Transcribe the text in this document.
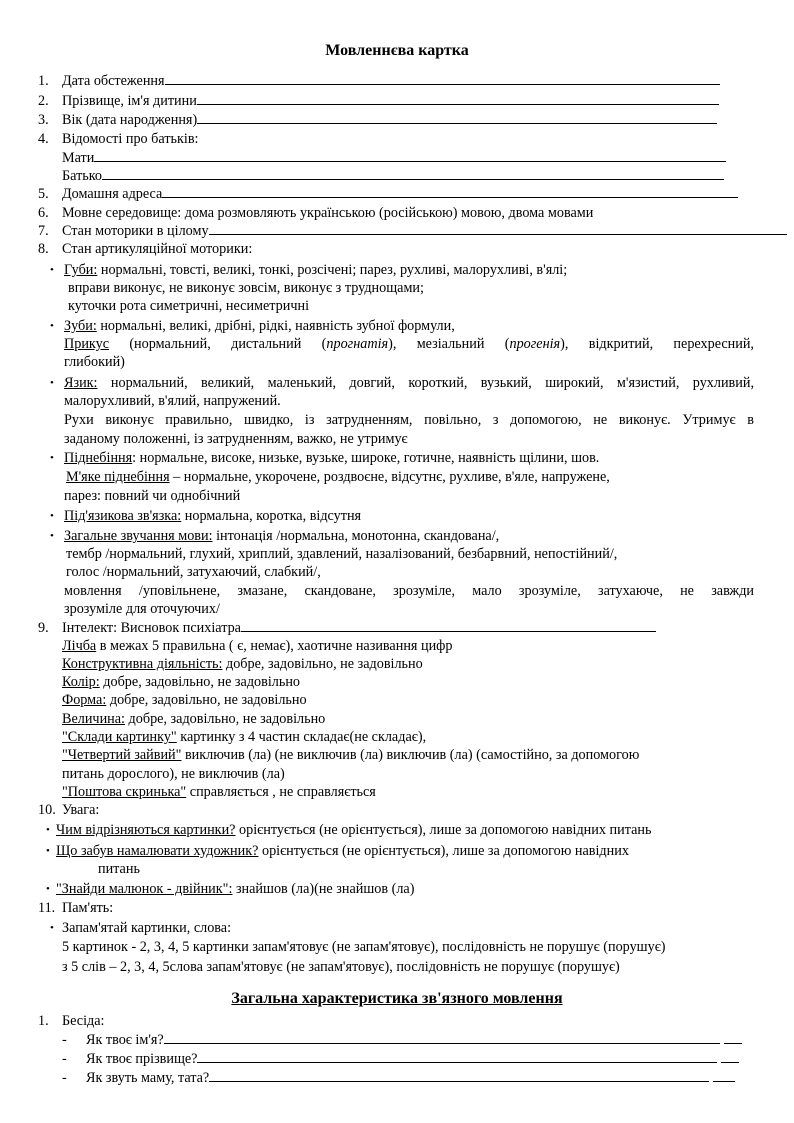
Мовленнєва картка
1. Дата обстеження
2. Прізвище, ім'я дитини
3. Вік (дата народження)
4. Відомості про батьків:
Мати
Батько
5. Домашня адреса
6. Мовне середовище: дома розмовляють українською (російською) мовою, двома мовами
7. Стан моторики в цілому
8. Стан артикуляційної моторики:
• Губи: нормальні, товсті, великі, тонкі, розсічені; парез, рухливі, малорухливі, в'ялі;
вправи виконує, не виконує зовсім, виконує з труднощами;
куточки рота симетричні, несиметричні
• Зуби: нормальні, великі, дрібні, рідкі, наявність зубної формули,
Прикус (нормальний, дистальний (прогнатія), мезіальний (прогенія), відкритий, перехресний,
глибокий)
• Язик: нормальний, великий, маленький, довгий, короткий, вузький, широкий, м'язистий, рухливий,
малорухливий, в'ялий, напружений.
Рухи виконує правильно, швидко, із затрудненням, повільно, з допомогою, не виконує. Утримує в
заданому положенні, із затрудненням, важко, не утримує
• Піднебіння: нормальне, високе, низьке, вузьке, широке, готичне, наявність щілини, шов.
М'яке піднебіння – нормальне, укорочене, роздвоєне, відсутнє, рухливе, в'яле, напружене,
парез: повний чи однобічний
• Під'язикова зв'язка: нормальна, коротка, відсутня
• Загальне звучання мови: інтонація /нормальна, монотонна, скандована/,
тембр /нормальний, глухий, хриплий, здавлений, назалізований, безбарвний, непостійний/,
голос /нормальний, затухаючий, слабкий/,
мовлення /уповільнене, змазане, скандоване, зрозуміле, мало зрозуміле, затухаюче, не завжди
зрозуміле для оточуючих/
9. Інтелект: Висновок психіатра
Лічба в межах 5 правильна ( є, немає), хаотичне називання цифр
Конструктивна діяльність: добре, задовільно, не задовільно
Колір: добре, задовільно, не задовільно
Форма: добре, задовільно, не задовільно
Величина: добре, задовільно, не задовільно
"Склади картинку" картинку з 4 частин складає(не складає),
"Четвертий зайвий" виключив (ла) (не виключив (ла) виключив (ла) (самостійно, за допомогою
питань дорослого), не виключив (ла)
"Поштова скринька" справляється , не справляється
10. Увага:
• Чим відрізняються картинки? орієнтується (не орієнтується), лише за допомогою навідних питань
• Що забув намалювати художник? орієнтується (не орієнтується), лише за допомогою навідних
питань
• "Знайди малюнок - двійник": знайшов (ла)(не знайшов (ла)
11. Пам'ять:
• Запам'ятай картинки, слова:
5 картинок - 2, 3, 4, 5 картинки запам'ятовує (не запам'ятовує), послідовність не порушує (порушує)
з 5 слів – 2, 3, 4, 5слова запам'ятовує (не запам'ятовує), послідовність не порушує (порушує)
Загальна характеристика зв'язного мовлення
1. Бесіда:
- Як твоє ім'я?
- Як твоє прізвище?
- Як звуть маму, тата?
